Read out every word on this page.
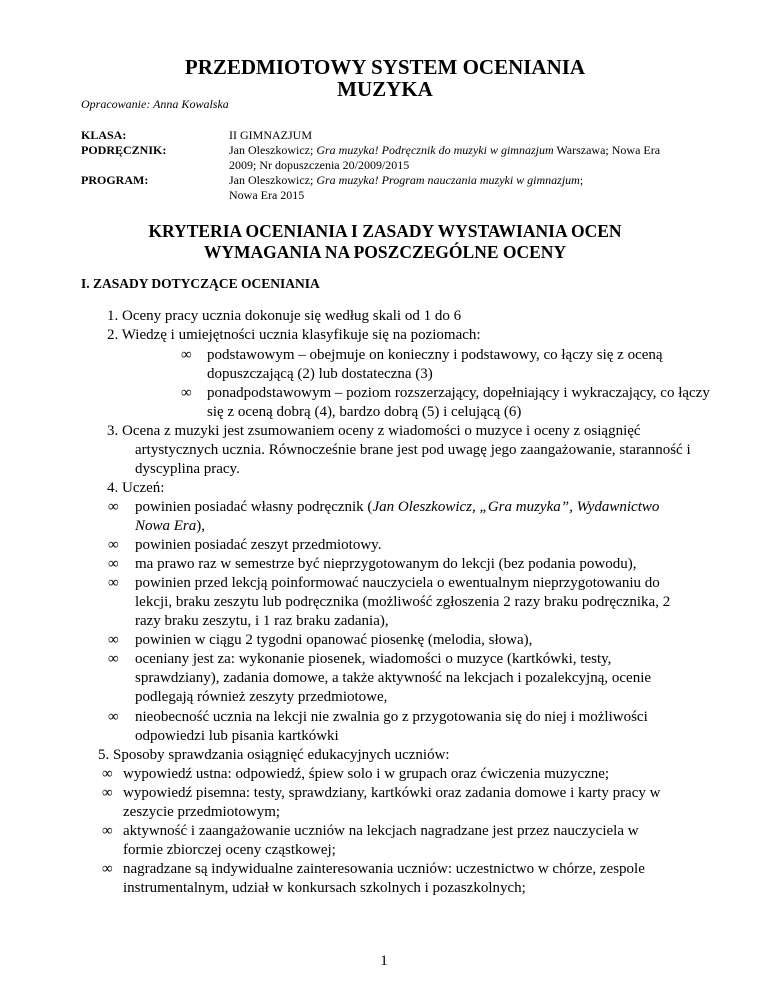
PRZEDMIOTOWY SYSTEM OCENIANIA
MUZYKA
Opracowanie: Anna Kowalska
KLASA:	II GIMNAZJUM
PODRĘCZNIK:	Jan Oleszkowicz; Gra muzyka! Podręcznik do muzyki w gimnazjum Warszawa; Nowa Era
2009; Nr dopuszczenia 20/2009/2015
PROGRAM:	Jan Oleszkowicz; Gra muzyka! Program nauczania muzyki w gimnazjum;
Nowa Era 2015
KRYTERIA OCENIANIA I ZASADY WYSTAWIANIA OCEN
WYMAGANIA NA POSZCZEGÓLNE OCENY
I. ZASADY DOTYCZĄCE OCENIANIA
1. Oceny pracy ucznia dokonuje się według skali od 1 do 6
2. Wiedzę i umiejętności ucznia klasyfikuje się na poziomach:
∞ podstawowym – obejmuje on konieczny i podstawowy, co łączy się z oceną
dopuszczającą (2) lub dostateczna (3)
∞ ponadpodstawowym – poziom rozszerzający, dopełniający i wykraczający, co łączy
się z oceną dobrą (4), bardzo dobrą (5) i celującą (6)
3. Ocena z muzyki jest zsumowaniem oceny z wiadomości o muzyce i oceny z osiągnięć
artystycznych ucznia. Równocześnie brane jest pod uwagę jego zaangażowanie, staranność i
dyscyplina pracy.
4. Uczeń:
∞ powinien posiadać własny podręcznik (Jan Oleszkowicz, „Gra muzyka”, Wydawnictwo
Nowa Era),
∞ powinien posiadać zeszyt przedmiotowy.
∞ ma prawo raz w semestrze być nieprzygotowanym do lekcji (bez podania powodu),
∞ powinien przed lekcją poinformować nauczyciela o ewentualnym nieprzygotowaniu do
lekcji, braku zeszytu lub podręcznika (możliwość zgłoszenia 2 razy braku podręcznika, 2
razy braku zeszytu, i 1 raz braku zadania),
∞ powinien w ciągu 2 tygodni opanować piosenkę (melodia, słowa),
∞ oceniany jest za: wykonanie piosenek, wiadomości o muzyce (kartkówki, testy,
sprawdziany), zadania domowe, a także aktywność na lekcjach i pozalekcyjną, ocenie
podlegają również zeszyty przedmiotowe,
∞ nieobecność ucznia na lekcji nie zwalnia go z przygotowania się do niej i możliwości
odpowiedzi lub pisania kartkówki
5. Sposoby sprawdzania osiągnięć edukacyjnych uczniów:
∞ wypowiedź ustna: odpowiedź, śpiew solo i w grupach oraz ćwiczenia muzyczne;
∞ wypowiedź pisemna: testy, sprawdziany, kartkówki oraz zadania domowe i karty pracy w
zeszycie przedmiotowym;
∞ aktywność i zaangażowanie uczniów na lekcjach nagradzane jest przez nauczyciela w
formie zbiorczej oceny cząstkowej;
∞ nagradzane są indywidualne zainteresowania uczniów: uczestnictwo w chórze, zespole
instrumentalnym, udział w konkursach szkolnych i pozaszkolnych;
1
